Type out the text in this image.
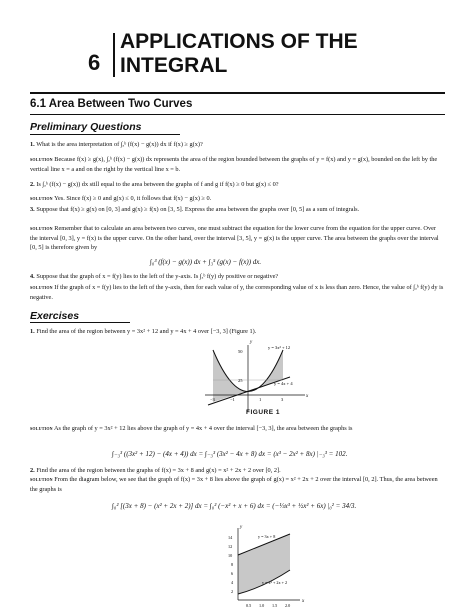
6
APPLICATIONS OF THE
INTEGRAL
6.1 Area Between Two Curves
Preliminary Questions
1. What is the area interpretation of ∫ₐᵇ (f(x) − g(x)) dx if f(x) ≥ g(x)?
solution Because f(x) ≥ g(x), ∫ₐᵇ (f(x) − g(x)) dx represents the area of the region bounded between the graphs of y = f(x) and y = g(x), bounded on the left by the vertical line x = a and on the right by the vertical line x = b.
2. Is ∫ₐᵇ (f(x) − g(x)) dx still equal to the area between the graphs of f and g if f(x) ≥ 0 but g(x) ≤ 0?
solution Yes. Since f(x) ≥ 0 and g(x) ≤ 0, it follows that f(x) − g(x) ≥ 0.
3. Suppose that f(x) ≥ g(x) on [0, 3] and g(x) ≥ f(x) on [3, 5]. Express the area between the graphs over [0, 5] as a sum of integrals.
solution Remember that to calculate an area between two curves, one must subtract the equation for the lower curve from the equation for the upper curve. Over the interval [0, 3], y = f(x) is the upper curve. On the other hand, over the interval [3, 5], y = g(x) is the upper curve. The area between the graphs over the interval [0, 5] is therefore given by
∫₀³ (f(x) − g(x)) dx + ∫₃⁵ (g(x) − f(x)) dx.
4. Suppose that the graph of x = f(y) lies to the left of the y-axis. Is ∫ₐᵇ f(y) dy positive or negative?
solution If the graph of x = f(y) lies to the left of the y-axis, then for each value of y, the corresponding value of x is less than zero. Hence, the value of ∫ₐᵇ f(y) dy is negative.
Exercises
1. Find the area of the region between y = 3x² + 12 and y = 4x + 4 over [−3, 3] (Figure 1).
y
x
50
25
−3	−1	1	3
y = 3x² + 12
y = 4x + 4
FIGURE 1
solution As the graph of y = 3x² + 12 lies above the graph of y = 4x + 4 over the interval [−3, 3], the area between the graphs is
∫₋₃³ ((3x² + 12) − (4x + 4)) dx = ∫₋₃³ (3x² − 4x + 8) dx = (x³ − 2x² + 8x) |₋₃³ = 102.
2. Find the area of the region between the graphs of f(x) = 3x + 8 and g(x) = x² + 2x + 2 over [0, 2].
solution From the diagram below, we see that the graph of f(x) = 3x + 8 lies above the graph of g(x) = x² + 2x + 2 over the interval [0, 2]. Thus, the area between the graphs is
∫₀² [(3x + 8) − (x² + 2x + 2)] dx = ∫₀² (−x² + x + 6) dx = (−⅓x³ + ½x² + 6x) |₀² = 34/3.
y
x
14
12
10
8
6
4
2
0.5 1.0 1.5 2.0
y = 3x + 8
y = x² + 2x + 2
